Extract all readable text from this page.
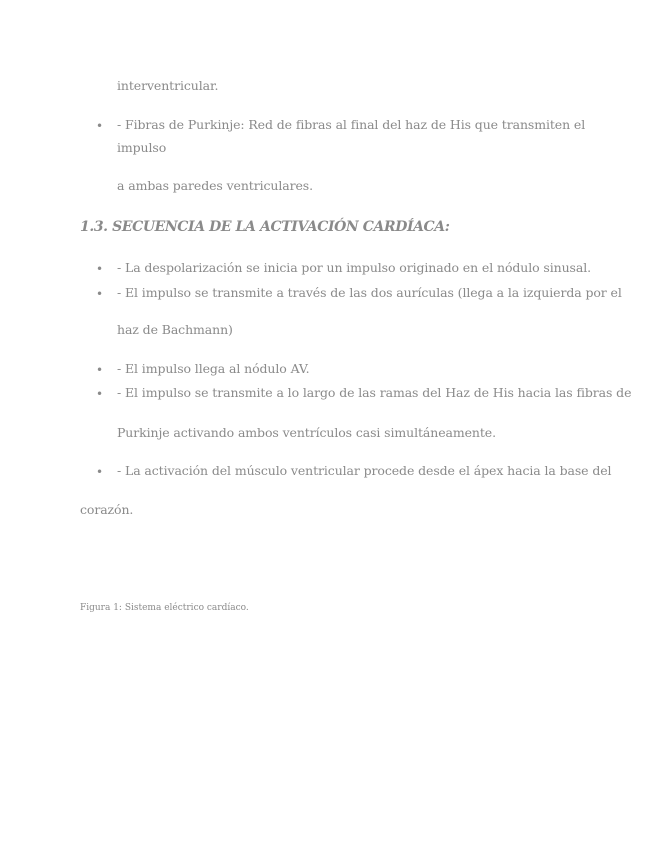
interventricular.
• - Fibras de Purkinje: Red de fibras al final del haz de His que transmiten el
impulso
a ambas paredes ventriculares.
1.3. SECUENCIA DE LA ACTIVACIÓN CARDÍACA:
• - La despolarización se inicia por un impulso originado en el nódulo sinusal.
• - El impulso se transmite a través de las dos aurículas (llega a la izquierda por el
haz de Bachmann)
• - El impulso llega al nódulo AV.
• - El impulso se transmite a lo largo de las ramas del Haz de His hacia las fibras de
Purkinje activando ambos ventrículos casi simultáneamente.
• - La activación del músculo ventricular procede desde el ápex hacia la base del
corazón.
Figura 1: Sistema eléctrico cardíaco.
